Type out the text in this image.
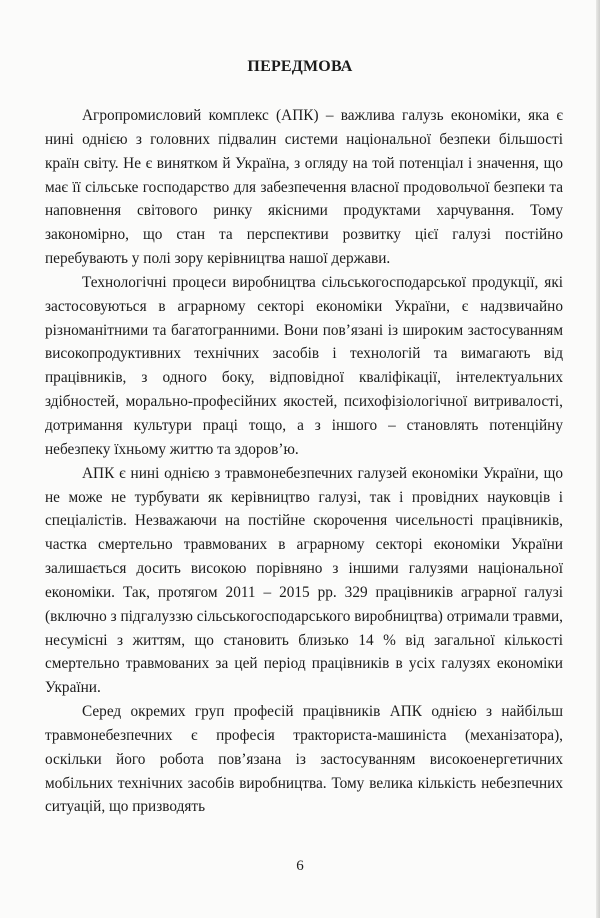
ПЕРЕДМОВА

Агропромисловий комплекс (АПК) – важлива галузь економіки, яка є нині однією з головних підвалин системи національної безпеки більшості країн світу. Не є винятком й Україна, з огляду на той потенціал і значення, що має її сільське господарство для забезпечення власної продовольчої безпеки та наповнення світового ринку якісними продуктами харчування. Тому закономірно, що стан та перспективи розвитку цієї галузі постійно перебувають у полі зору керівництва нашої держави.

Технологічні процеси виробництва сільськогосподарської продукції, які застосовуються в аграрному секторі економіки України, є надзвичайно різноманітними та багатогранними. Вони пов’язані із широким застосуванням високопродуктивних технічних засобів і технологій та вимагають від працівників, з одного боку, відповідної кваліфікації, інтелектуальних здібностей, морально-професійних якостей, психофізіологічної витривалості, дотримання культури праці тощо, а з іншого – становлять потенційну небезпеку їхньому життю та здоров’ю.

АПК є нині однією з травмонебезпечних галузей економіки України, що не може не турбувати як керівництво галузі, так і провідних науковців і спеціалістів. Незважаючи на постійне скорочення чисельності працівників, частка смертельно травмованих в аграрному секторі економіки України залишається досить високою порівняно з іншими галузями національної економіки. Так, протягом 2011 – 2015 рр. 329 працівників аграрної галузі (включно з підгалуззю сільськогосподарського виробництва) отримали травми, несумісні з життям, що становить близько 14 % від загальної кількості смертельно травмованих за цей період працівників в усіх галузях економіки України.

Серед окремих груп професій працівників АПК однією з найбільш травмонебезпечних є професія тракториста-машиніста (механізатора), оскільки його робота пов’язана із застосуванням високоенергетичних мобільних технічних засобів виробництва. Тому велика кількість небезпечних ситуацій, що призводять

6
